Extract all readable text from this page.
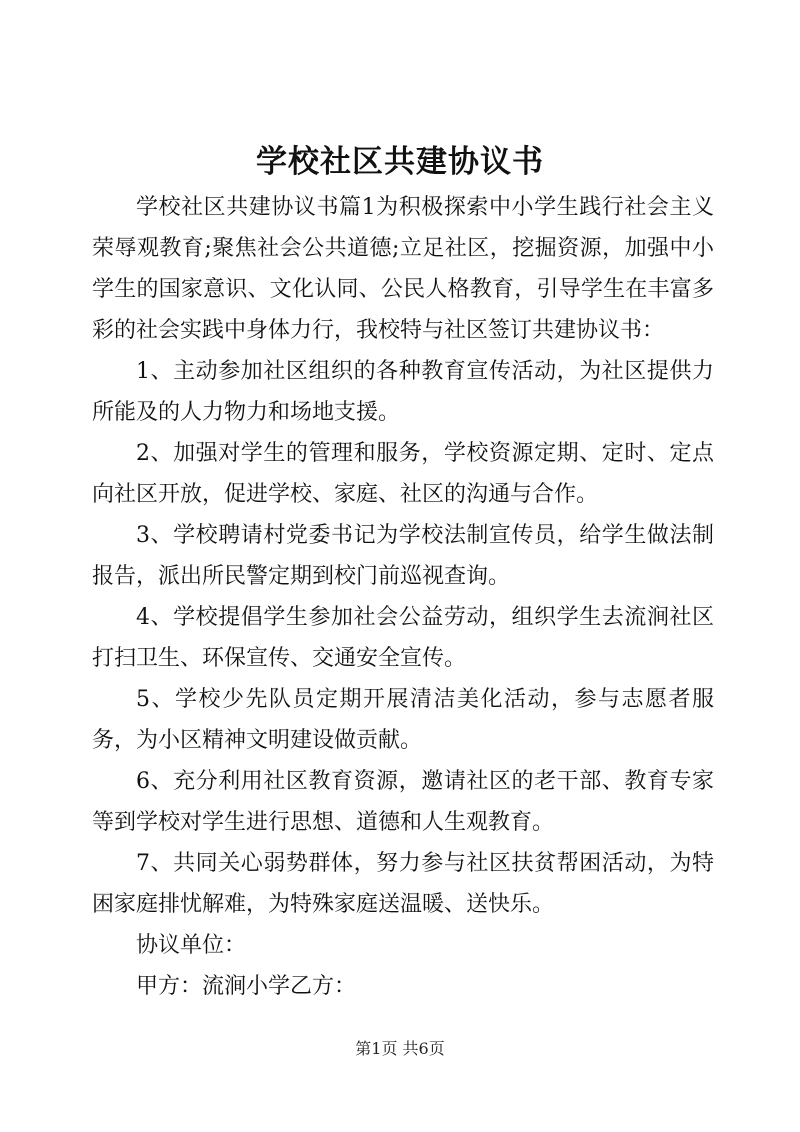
学校社区共建协议书

学校社区共建协议书篇1为积极探索中小学生践行社会主义荣辱观教育;聚焦社会公共道德;立足社区，挖掘资源，加强中小学生的国家意识、文化认同、公民人格教育，引导学生在丰富多彩的社会实践中身体力行，我校特与社区签订共建协议书：

1、主动参加社区组织的各种教育宣传活动，为社区提供力所能及的人力物力和场地支援。

2、加强对学生的管理和服务，学校资源定期、定时、定点向社区开放，促进学校、家庭、社区的沟通与合作。

3、学校聘请村党委书记为学校法制宣传员，给学生做法制报告，派出所民警定期到校门前巡视查询。

4、学校提倡学生参加社会公益劳动，组织学生去流涧社区打扫卫生、环保宣传、交通安全宣传。

5、学校少先队员定期开展清洁美化活动，参与志愿者服务，为小区精神文明建设做贡献。

6、充分利用社区教育资源，邀请社区的老干部、教育专家等到学校对学生进行思想、道德和人生观教育。

7、共同关心弱势群体，努力参与社区扶贫帮困活动，为特困家庭排忧解难，为特殊家庭送温暖、送快乐。

协议单位：

甲方：流涧小学乙方：

第1页 共6页
